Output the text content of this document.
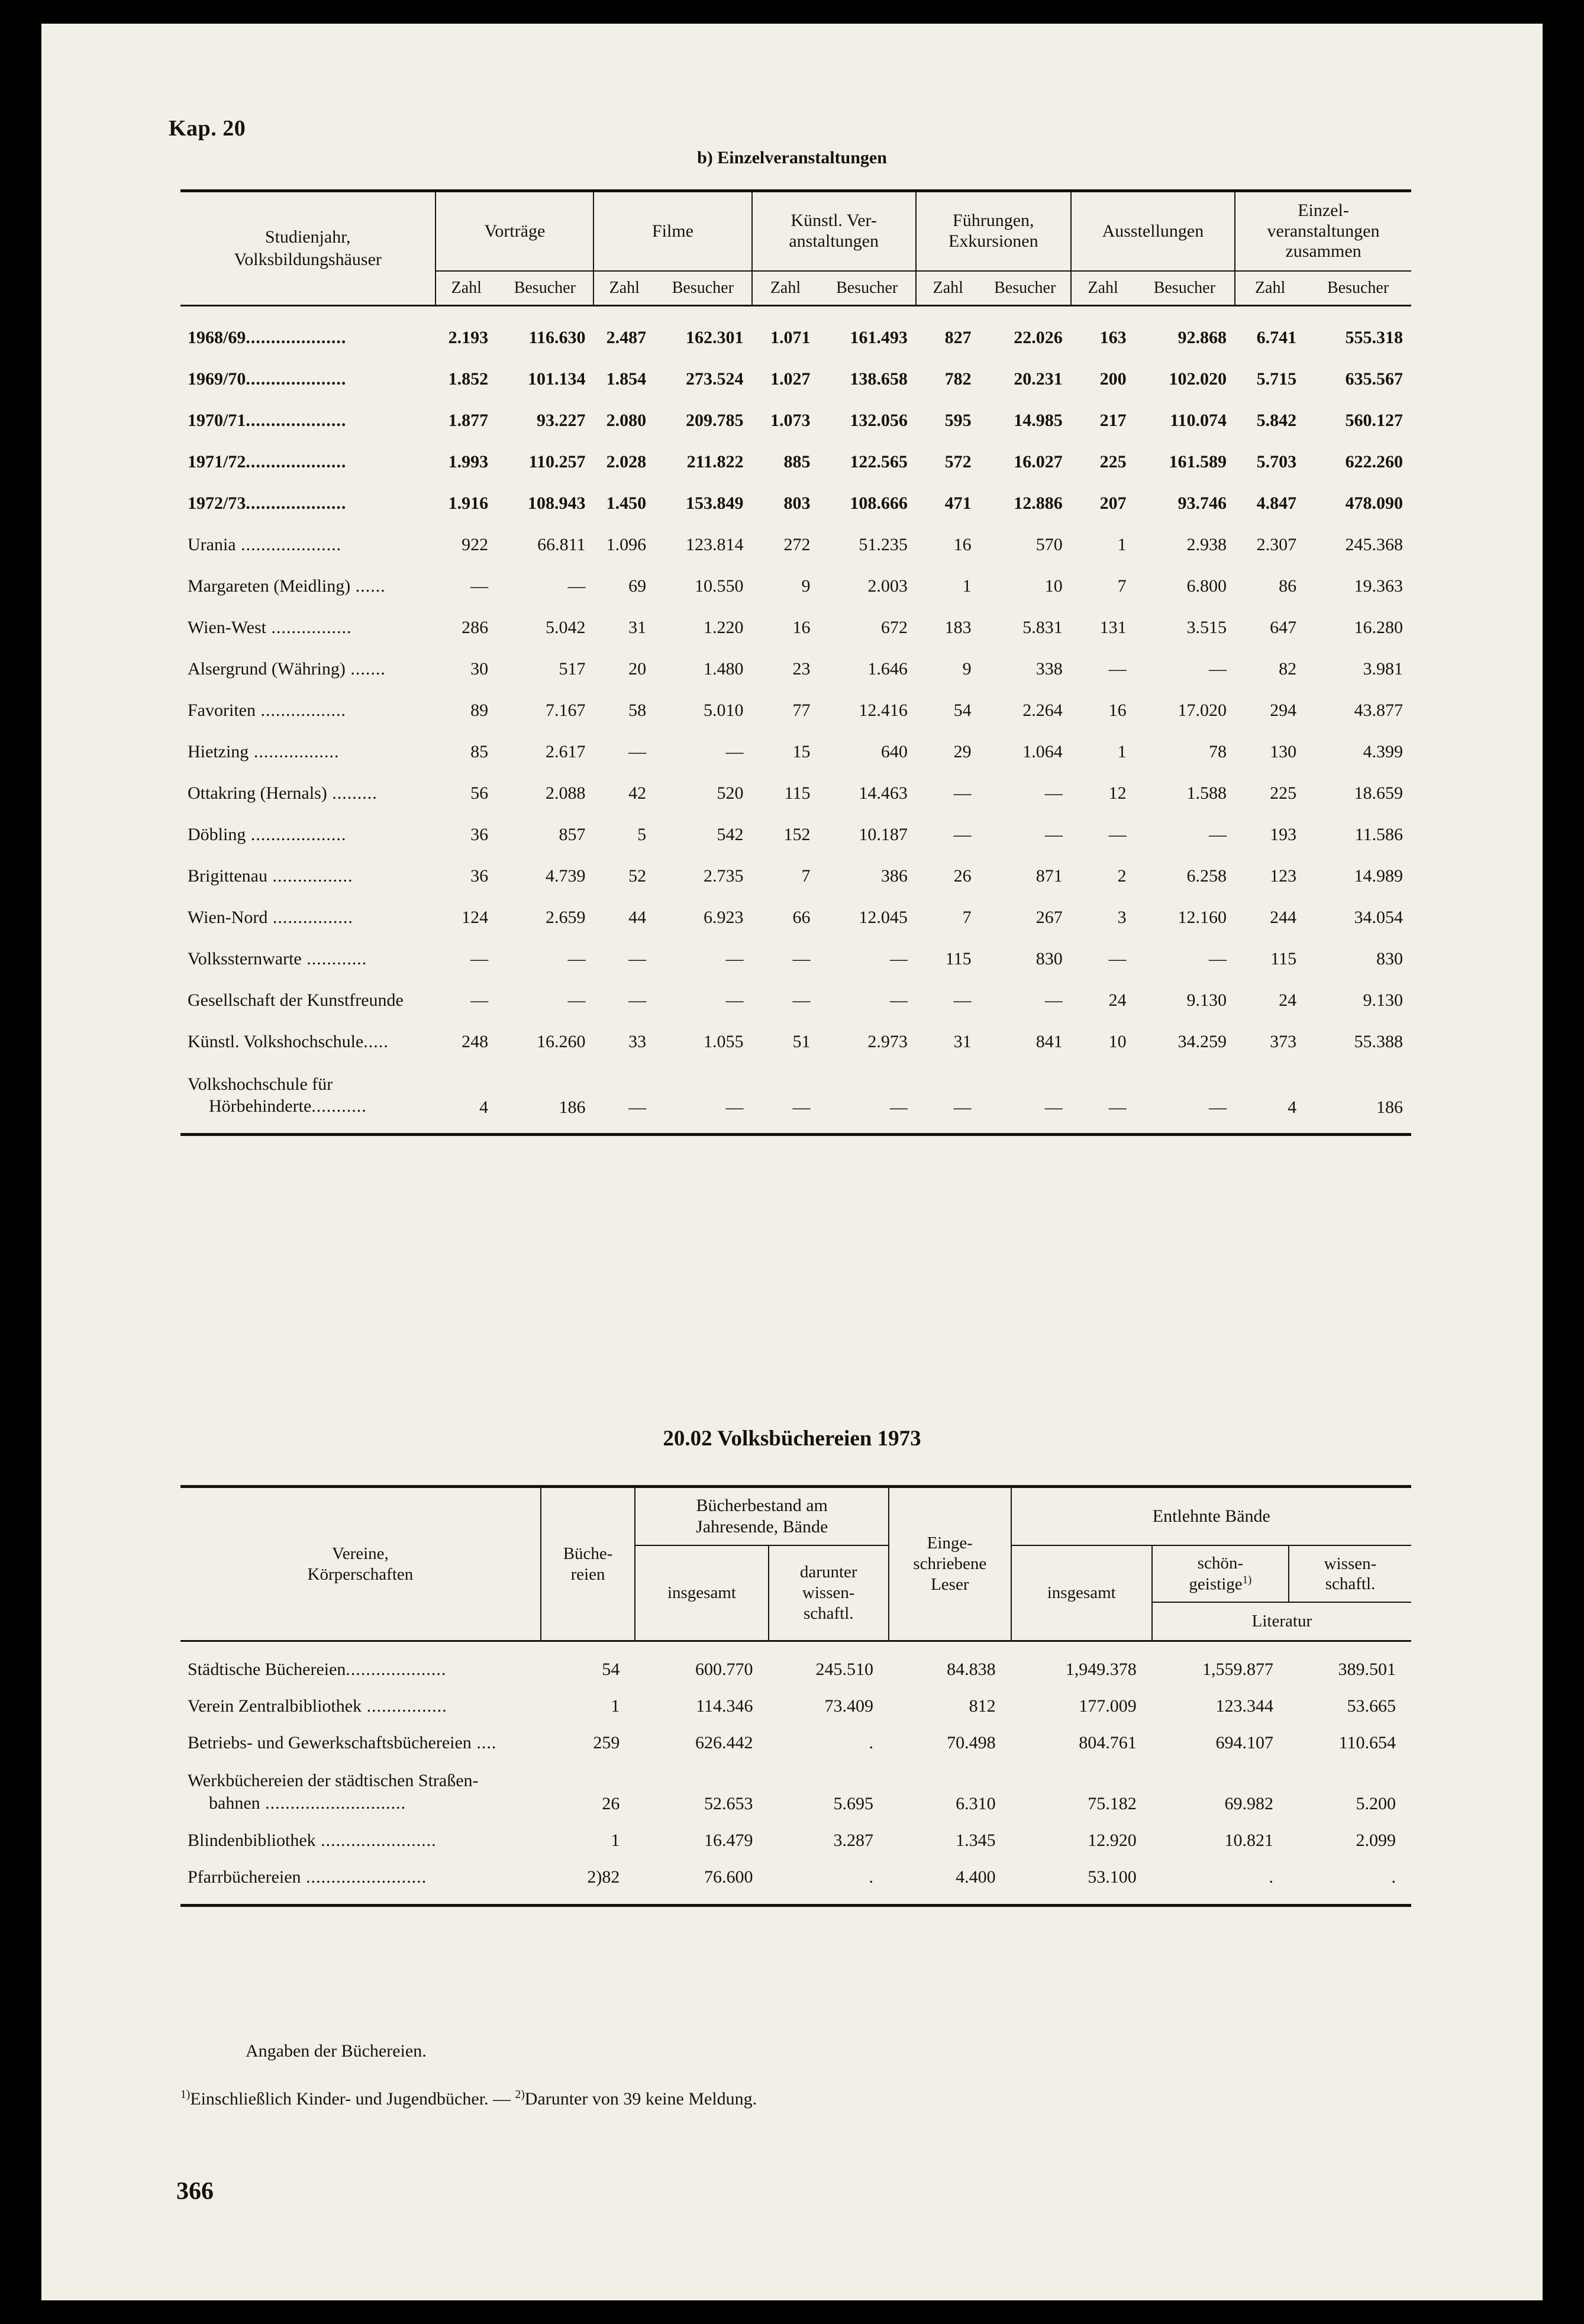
Kap. 20
b) Einzelveranstaltungen
Studienjahr,
Volksbildungshäuser
	Vorträge	Filme	
Künstl. Ver-
anstaltungen

Führungen,
Exkursionen
	Ausstellungen	
Einzel-
veranstaltungen
zusammen

	Zahl	Besucher	Zahl	Besucher	Zahl	Besucher	Zahl	Besucher	Zahl	Besucher	Zahl	Besucher
1968/69....................	2.193	116.630	2.487	162.301	1.071	161.493	827	22.026	163	92.868	6.741	555.318
1969/70....................	1.852	101.134	1.854	273.524	1.027	138.658	782	20.231	200	102.020	5.715	635.567
1970/71....................	1.877	93.227	2.080	209.785	1.073	132.056	595	14.985	217	110.074	5.842	560.127
1971/72....................	1.993	110.257	2.028	211.822	885	122.565	572	16.027	225	161.589	5.703	622.260
1972/73....................	1.916	108.943	1.450	153.849	803	108.666	471	12.886	207	93.746	4.847	478.090
Urania ....................	922	66.811	1.096	123.814	272	51.235	16	570	1	2.938	2.307	245.368
Margareten (Meidling) ......	—	—	69	10.550	9	2.003	1	10	7	6.800	86	19.363
Wien-West ................	286	5.042	31	1.220	16	672	183	5.831	131	3.515	647	16.280
Alsergrund (Währing) .......	30	517	20	1.480	23	1.646	9	338	—	—	82	3.981
Favoriten .................	89	7.167	58	5.010	77	12.416	54	2.264	16	17.020	294	43.877
Hietzing .................	85	2.617	—	—	15	640	29	1.064	1	78	130	4.399
Ottakring (Hernals) .........	56	2.088	42	520	115	14.463	—	—	12	1.588	225	18.659
Döbling ...................	36	857	5	542	152	10.187	—	—	—	—	193	11.586
Brigittenau ................	36	4.739	52	2.735	7	386	26	871	2	6.258	123	14.989
Wien-Nord ................	124	2.659	44	6.923	66	12.045	7	267	3	12.160	244	34.054
Volkssternwarte ............	—	—	—	—	—	—	115	830	—	—	115	830
Gesellschaft der Kunstfreunde	—	—	—	—	—	—	—	—	24	9.130	24	9.130
Künstl. Volkshochschule.....	248	16.260	33	1.055	51	2.973	31	841	10	34.259	373	55.388

Volkshochschule für
Hörbehinderte...........	4	186	—	—	—	—	—	—	—	—	4	186
20.02 Volksbüchereien 1973
Vereine,
Körperschaften

Büche-
reien

Bücherbestand am
Jahresende, Bände

Einge-
schriebene
Leser
	Entlehnte Bände
insgesamt	
darunter
wissen-
schaftl.
	insgesamt	
schön-
geistige$^{1)}$

wissen-
schaftl.

						Literatur	
Städtische Büchereien....................	54	600.770	245.510	84.838	1,949.378	1,559.877	389.501
Verein Zentralbibliothek ................	1	114.346	73.409	812	177.009	123.344	53.665
Betriebs- und Gewerkschaftsbüchereien ....	259	626.442	.	70.498	804.761	694.107	110.654

Werkbüchereien der städtischen Straßen-
bahnen ............................	26	52.653	5.695	6.310	75.182	69.982	5.200
Blindenbibliothek .......................	1	16.479	3.287	1.345	12.920	10.821	2.099
Pfarrbüchereien ........................	2)82	76.600	.	4.400	53.100	.	.
Angaben der Büchereien.
$^{1)}$Einschließlich Kinder- und Jugendbücher. — $^{2)}$Darunter von 39 keine Meldung.
366
